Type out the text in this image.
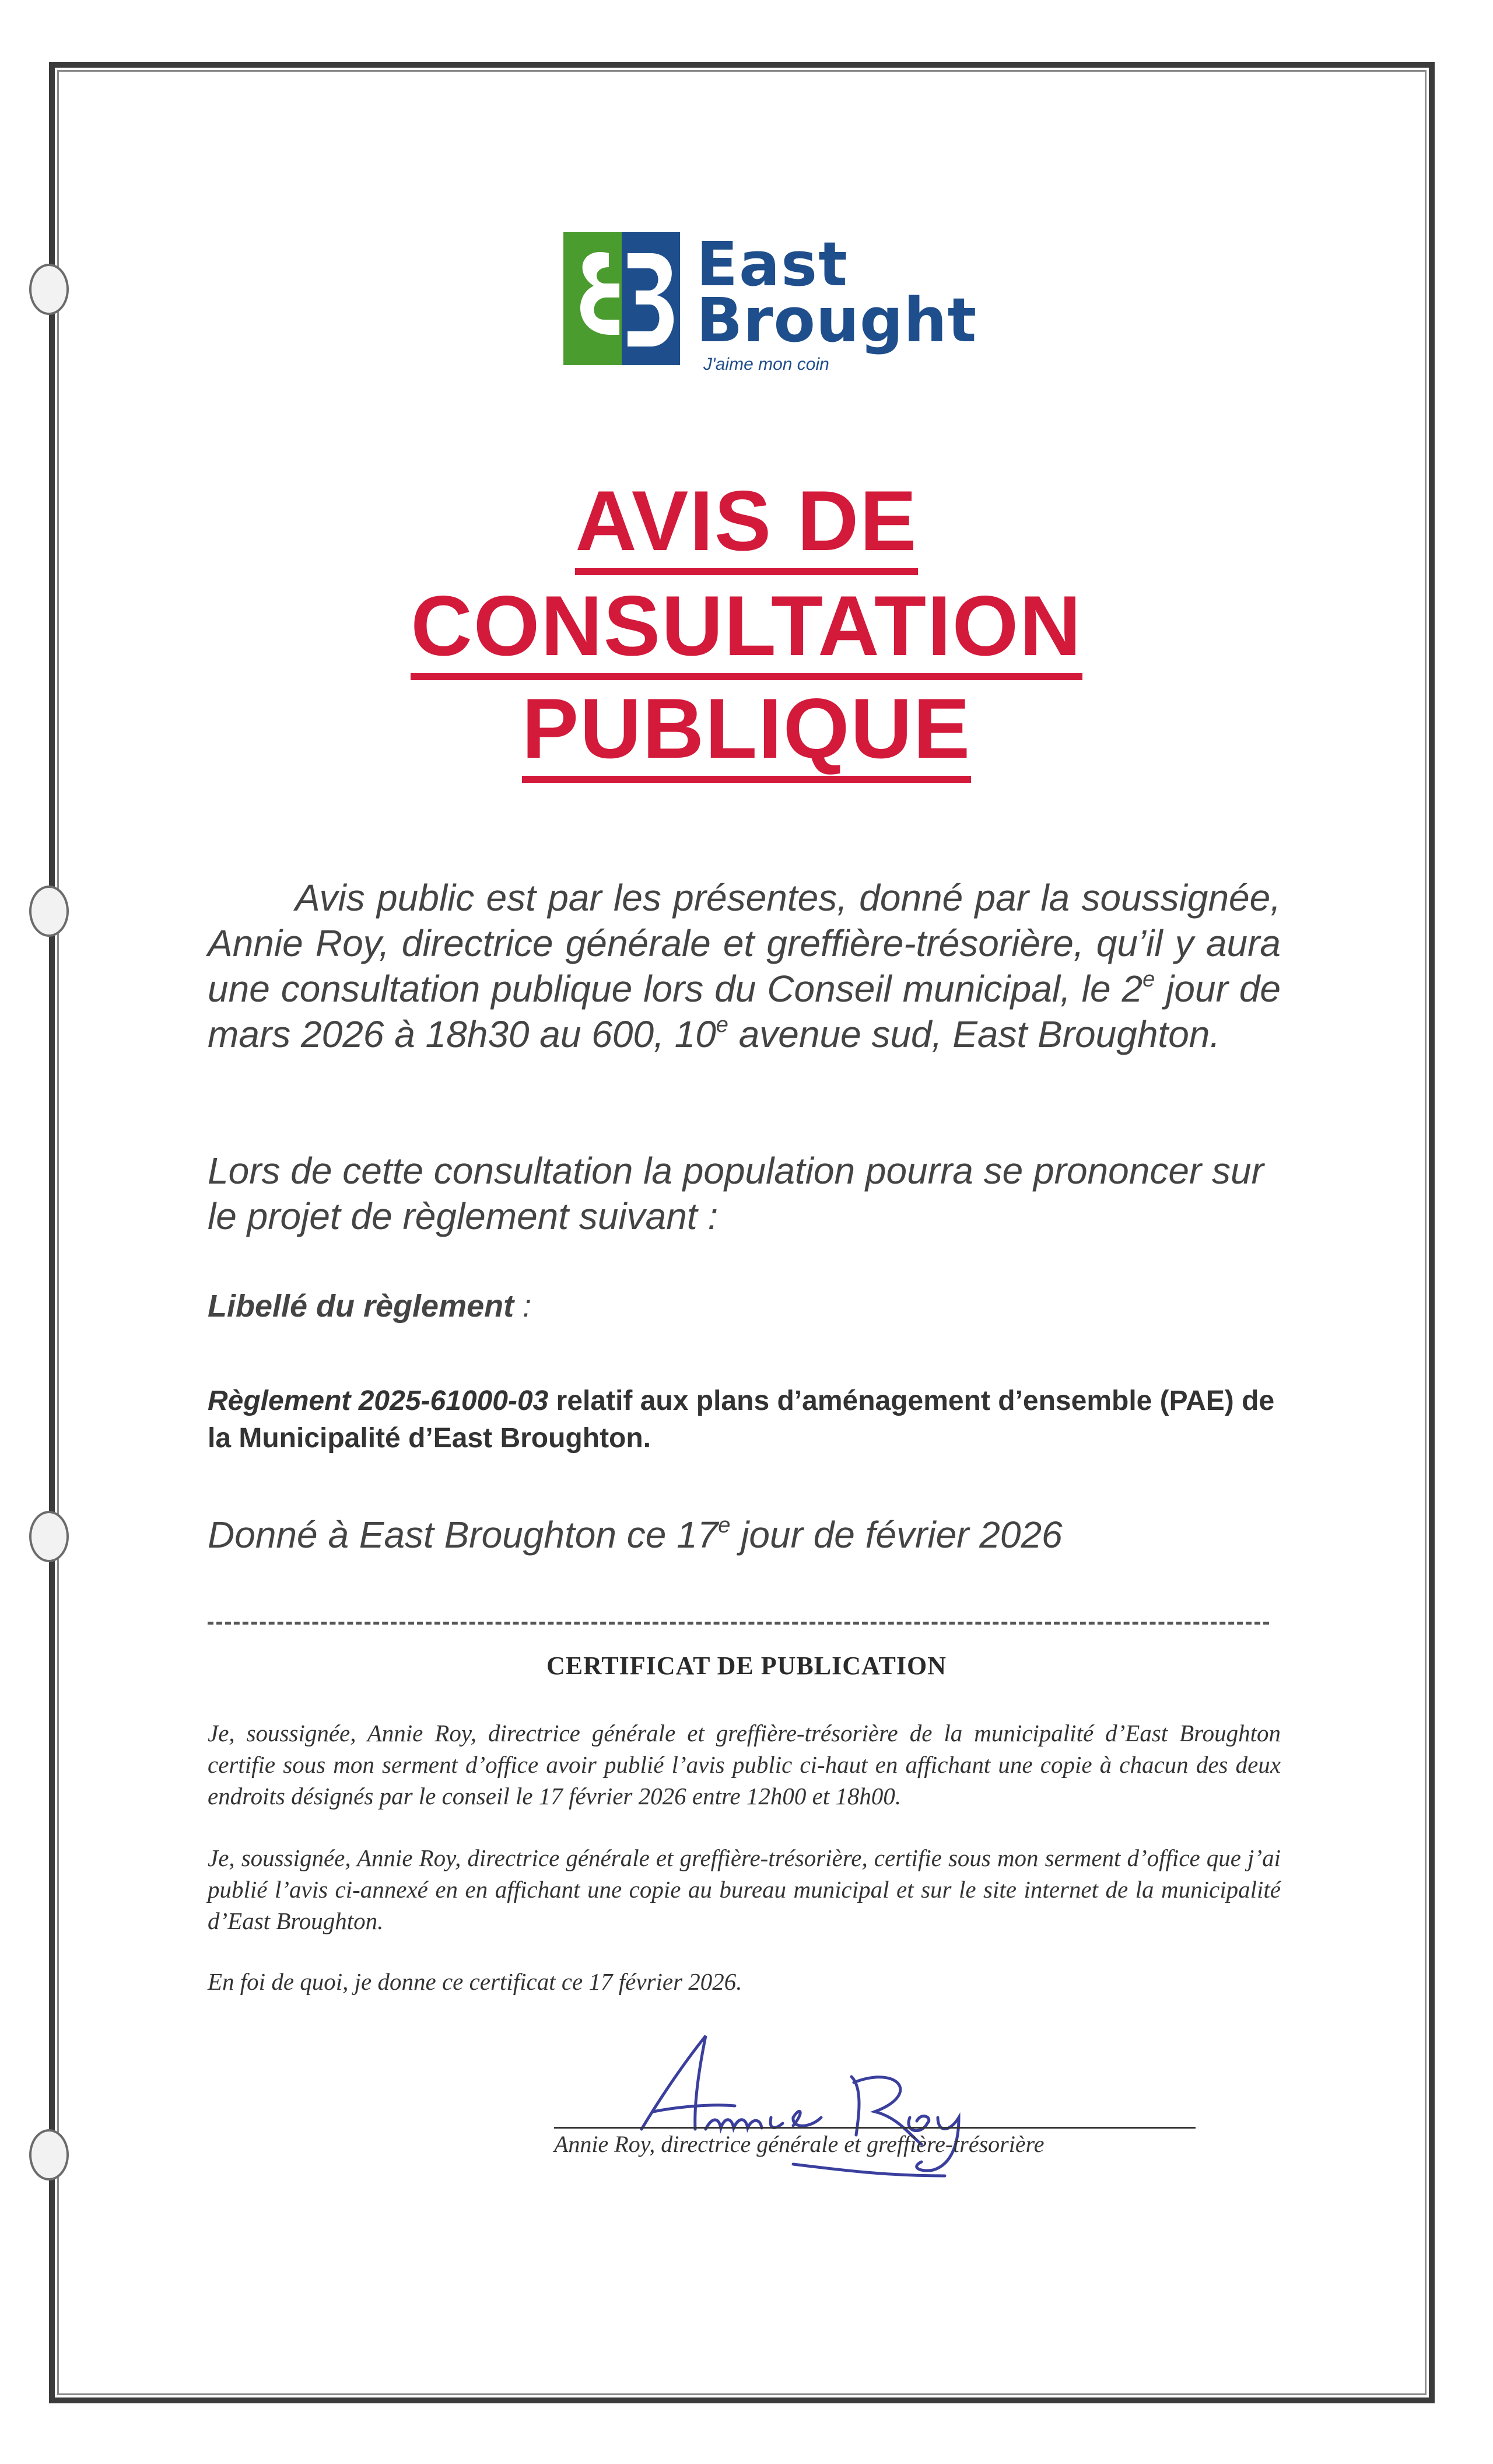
East
Brought
J'aime mon coin
AVIS DE
CONSULTATION
PUBLIQUE
Avis public est par les présentes, donné par la soussignée, Annie Roy, directrice générale et greffière-trésorière, qu’il y aura une consultation publique lors du Conseil municipal, le 2e jour de mars 2026 à 18h30 au 600, 10e avenue sud, East Broughton.
Lors de cette consultation la population pourra se prononcer sur le projet de règlement suivant :
Libellé du règlement :
Règlement 2025-61000-03 relatif aux plans d’aménagement d’ensemble (PAE) de la Municipalité d’East Broughton.
Donné à East Broughton ce 17e jour de février 2026
CERTIFICAT DE PUBLICATION
Je, soussignée, Annie Roy, directrice générale et greffière-trésorière de la municipalité d’East Broughton certifie sous mon serment d’office avoir publié l’avis public ci-haut en affichant une copie à chacun des deux endroits désignés par le conseil le 17 février 2026 entre 12h00 et 18h00.
Je, soussignée, Annie Roy, directrice générale et greffière-trésorière, certifie sous mon serment d’office que j’ai publié l’avis ci-annexé en en affichant une copie au bureau municipal et sur le site internet de la municipalité d’East Broughton.
En foi de quoi, je donne ce certificat ce 17 février 2026.
Annie Roy, directrice générale et greffière-trésorière
